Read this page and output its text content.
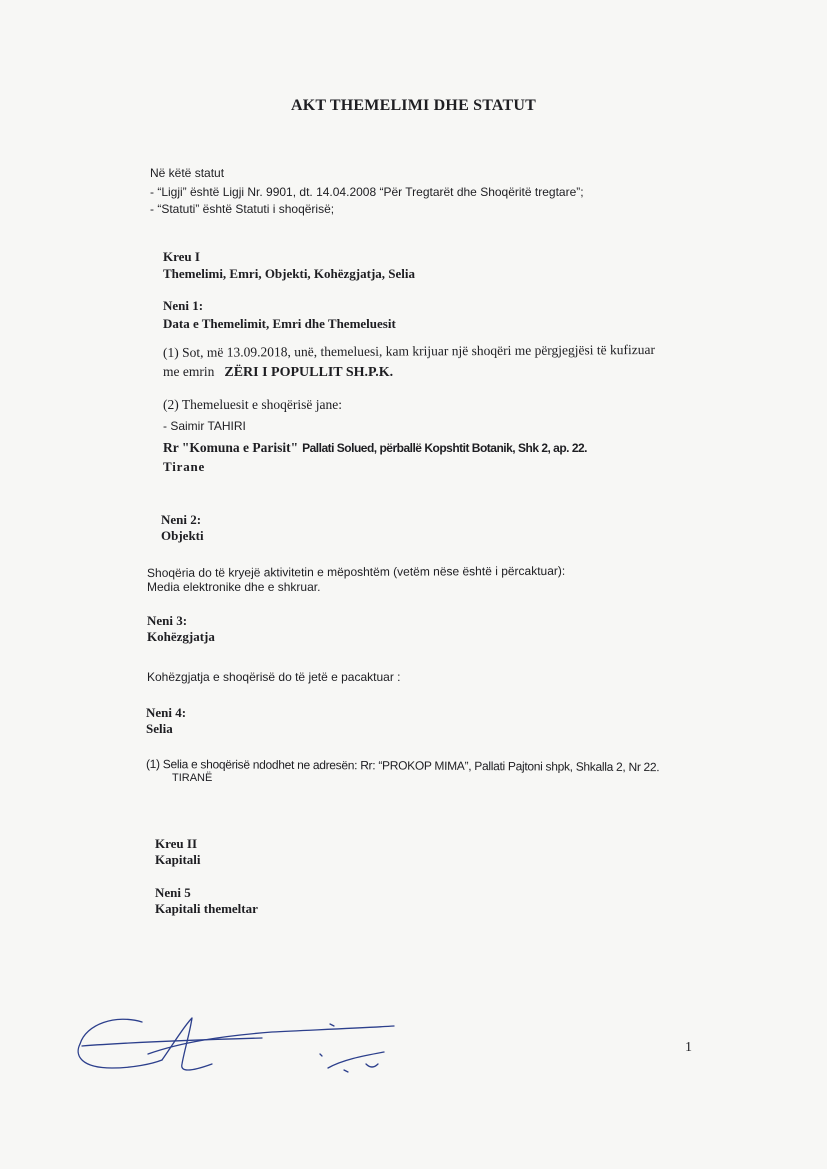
AKT THEMELIMI DHE STATUT
Në këtë statut
- “Ligji” është Ligji Nr. 9901, dt. 14.04.2008 “Për Tregtarët dhe Shoqëritë tregtare”;
- “Statuti” është Statuti i shoqërisë;
Kreu I
Themelimi, Emri, Objekti, Kohëzgjatja, Selia
Neni 1:
Data e Themelimit, Emri dhe Themeluesit
(1) Sot, më 13.09.2018, unë, themeluesi, kam krijuar një shoqëri me përgjegjësi të kufizuar
me emrin ZËRI I POPULLIT SH.P.K.
(2) Themeluesit e shoqërisë jane:
- Saimir TAHIRI
Rr "Komuna e Parisit" Pallati Solued, përballë Kopshtit Botanik, Shk 2, ap. 22.
Tirane
Neni 2:
Objekti
Shoqëria do të kryejë aktivitetin e mëposhtëm (vetëm nëse është i përcaktuar):
Media elektronike dhe e shkruar.
Neni 3:
Kohëzgjatja
Kohëzgjatja e shoqërisë do të jetë e pacaktuar :
Neni 4:
Selia
(1) Selia e shoqërisë ndodhet ne adresën: Rr: “PROKOP MIMA”, Pallati Pajtoni shpk, Shkalla 2, Nr 22.
TIRANË
Kreu II
Kapitali
Neni 5
Kapitali themeltar
1
